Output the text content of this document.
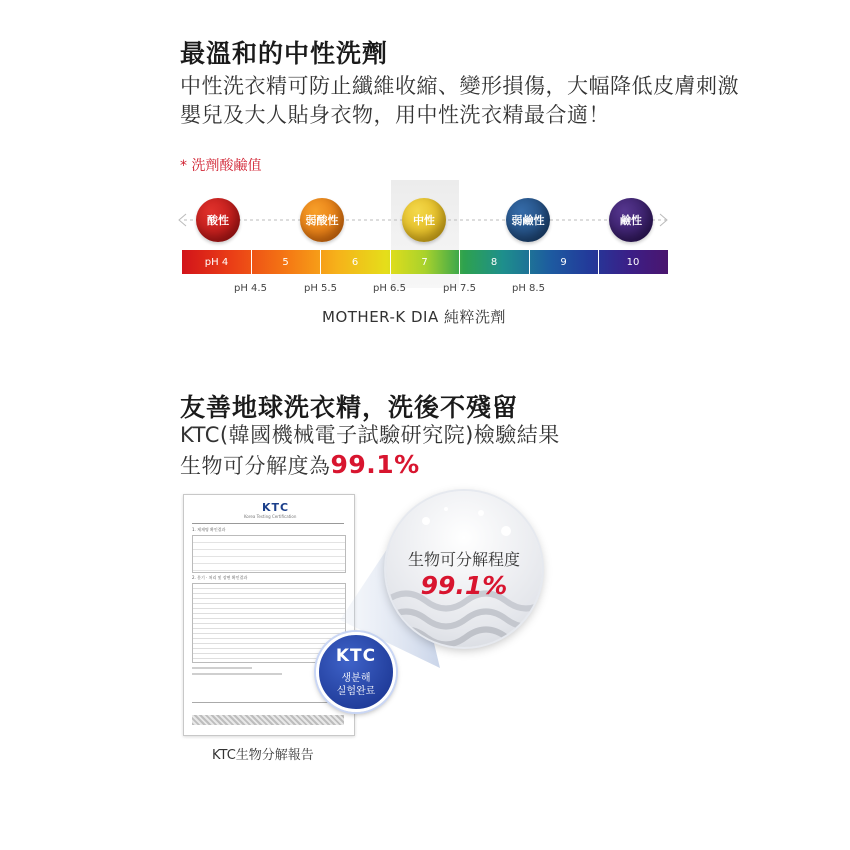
最溫和的中性洗劑
中性洗衣精可防止纖維收縮、變形損傷，大幅降低皮膚刺激
嬰兒及大人貼身衣物，用中性洗衣精最合適！
* 洗劑酸鹼值
酸性	弱酸性	中性	弱鹼性	鹼性
pH 4	5	6	7	8	9	10
pH 4.5	pH 5.5	pH 6.5	pH 7.5	pH 8.5
MOTHER-K DIA 純粹洗劑
友善地球洗衣精，洗後不殘留
KTC(韓國機械電子試驗研究院)檢驗結果
生物可分解度為99.1%
KTC
Korea Testing Certification
1. 제재명 확인결과
2. 분기 · 처리 및 장면 확인결과
KTC
생분해
실험완료
生物可分解程度
99.1%
KTC生物分解報告
